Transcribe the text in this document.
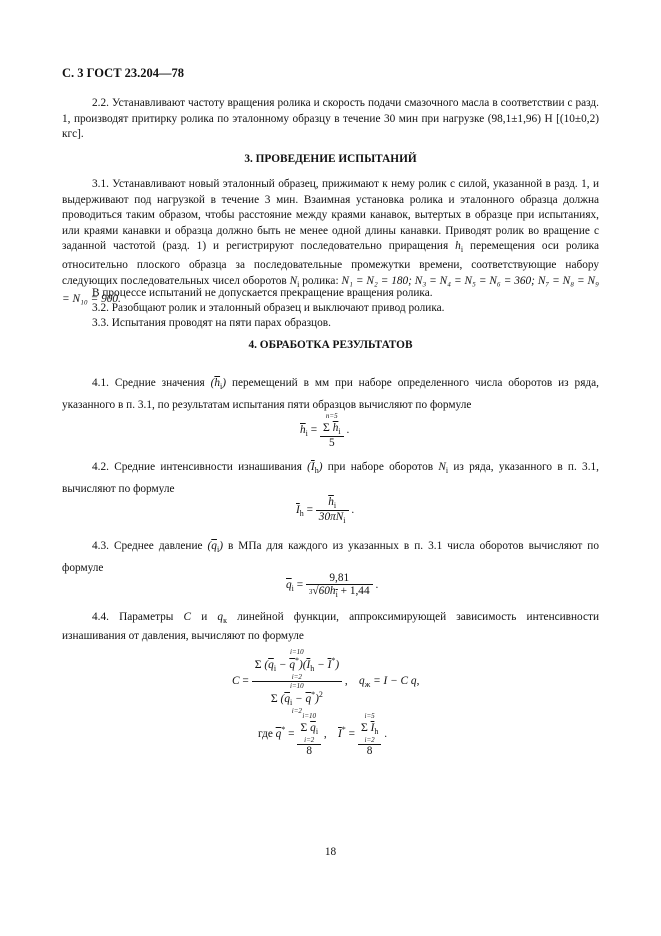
С. 3 ГОСТ 23.204—78
2.2. Устанавливают частоту вращения ролика и скорость подачи смазочного масла в соответствии с разд. 1, производят притирку ролика по эталонному образцу в течение 30 мин при нагрузке (98,1±1,96) Н [(10±0,2) кгс].
3. ПРОВЕДЕНИЕ ИСПЫТАНИЙ
3.1. Устанавливают новый эталонный образец, прижимают к нему ролик с силой, указанной в разд. 1, и выдерживают под нагрузкой в течение 3 мин. Взаимная установка ролика и эталонного образца должна проводиться таким образом, чтобы расстояние между краями канавок, вытертых в образце при испытаниях, или краями канавки и образца должно быть не менее одной длины канавки. Приводят ролик во вращение с заданной частотой (разд. 1) и регистрируют последовательно приращения $h_i$ перемещения оси ролика относительно плоского образца за последовательные промежутки времени, соответствующие набору следующих последовательных чисел оборотов $N_i$ ролика: N₁ = N₂ = 180; N₃ = N₄ = N₅ = N₆ = 360; N₇ = N₈ = N₉ = N₁₀ = 900.
В процессе испытаний не допускается прекращение вращения ролика.
3.2. Разобщают ролик и эталонный образец и выключают привод ролика.
3.3. Испытания проводят на пяти парах образцов.
4. ОБРАБОТКА РЕЗУЛЬТАТОВ
4.1. Средние значения $(\overline{h}_i)$ перемещений в мм при наборе определенного числа оборотов из ряда, указанного в п. 3.1, по результатам испытания пяти образцов вычисляют по формуле
$\overline{h}_i = n=5$
Σ $\overline{h}_i$
5 .
4.2. Средние интенсивности изнашивания $(\overline{I}_h)$ при наборе оборотов $N_i$ из ряда, указанного в п. 3.1, вычисляют по формуле
$\overline{I}_h = \frac{\overline{h}_i}{30\pi N_i}$ .
4.3. Среднее давление $(\overline{q}_i)$ в МПа для каждого из указанных в п. 3.1 числа оборотов вычисляют по формуле
$\overline{q}_i = \frac{9,81}{3√60h_i + 1,44}$ .
4.4. Параметры C и $q_к$ линейной функции, аппроксимирующей зависимость интенсивности изнашивания от давления, вычисляют по формуле
C = i=10
Σ $(\overline{q}_i - \overline{q}^*)(\overline{I}_h - \overline{I}^*)$
i=2
i=10
Σ $(\overline{q}_i - \overline{q}^*)^2$
i=2 ,    $q_ж = I - C$ q,
где $\overline{q}^* = i=10$
Σ $\overline{q}_i$
i=2
8 ,    $\overline{I}^* = i=5$
Σ $\overline{I}_h$
i=2
8 .
18
